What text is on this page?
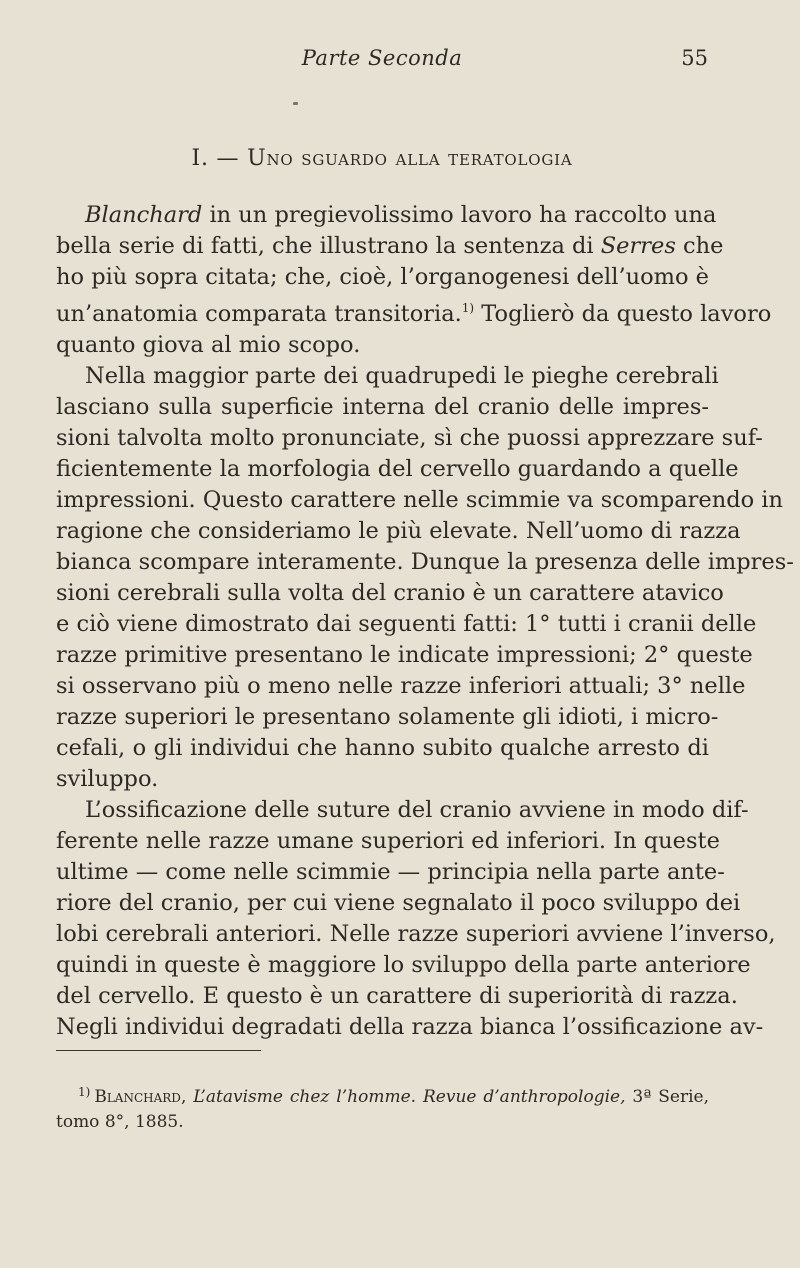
Parte Seconda	55
I. — Uno sguardo alla teratologia

Blanchard in un pregievolissimo lavoro ha raccolto una
bella serie di fatti, che illustrano la sentenza di Serres che
ho più sopra citata; che, cioè, l’organogenesi dell’uomo è
un’anatomia comparata transitoria.$^{1)}$ Toglierò da questo lavoro
quanto giova al mio scopo.

Nella maggior parte dei quadrupedi le pieghe cerebrali
lasciano sulla superficie interna del cranio delle impres-
sioni talvolta molto pronunciate, sì che puossi apprezzare suf-
ficientemente la morfologia del cervello guardando a quelle
impressioni. Questo carattere nelle scimmie va scomparendo in
ragione che consideriamo le più elevate. Nell’uomo di razza
bianca scompare interamente. Dunque la presenza delle impres-
sioni cerebrali sulla volta del cranio è un carattere atavico
e ciò viene dimostrato dai seguenti fatti: 1° tutti i cranii delle
razze primitive presentano le indicate impressioni; 2° queste
si osservano più o meno nelle razze inferiori attuali; 3° nelle
razze superiori le presentano solamente gli idioti, i micro-
cefali, o gli individui che hanno subito qualche arresto di
sviluppo.

L’ossificazione delle suture del cranio avviene in modo dif-
ferente nelle razze umane superiori ed inferiori. In queste
ultime — come nelle scimmie — principia nella parte ante-
riore del cranio, per cui viene segnalato il poco sviluppo dei
lobi cerebrali anteriori. Nelle razze superiori avviene l’inverso,
quindi in queste è maggiore lo sviluppo della parte anteriore
del cervello. E questo è un carattere di superiorità di razza.
Negli individui degradati della razza bianca l’ossificazione av-

$^{1)}$ Blanchard, L’atavisme chez l’homme. Revue d’anthropologie, 3ª Serie,
tomo 8°, 1885.
